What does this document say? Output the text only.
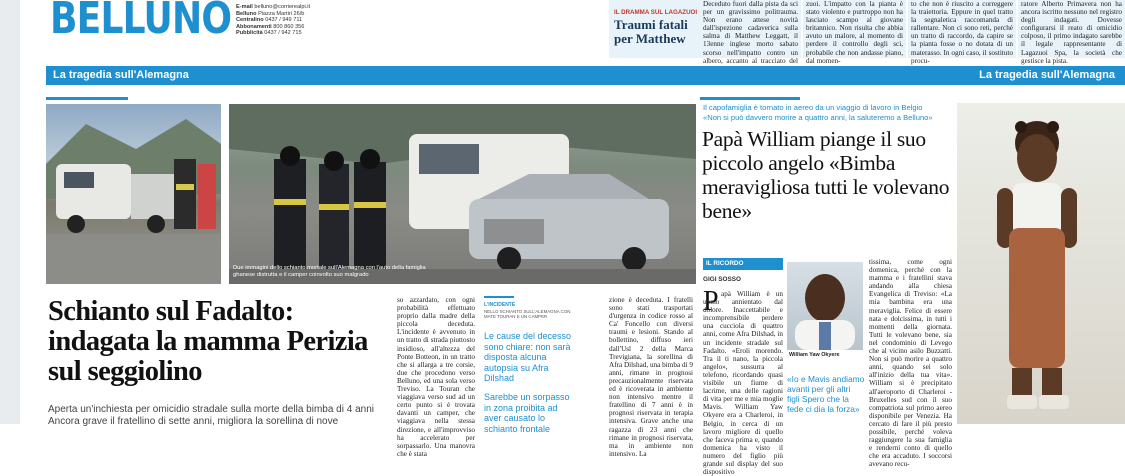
BELLUNO E-mail belluno@corrierealpi.it
Belluno Piazza Martiri 26/b
Centralino 0437 / 949 711
Abbonamenti 800 860 356
Pubblicità 0437 / 942 715
IL DRAMMA SUL LAGAZUOI
Traumi fatali per Matthew
Deceduto fuori dalla pista da sci per un gravissimo politrauma. Non erano attese novità dall'ispezione cadaverica sulla salma di Matthew Leggatt, il 13enne inglese morto sabato scorso nell'impatto contro un albero, accanto al tracciato del
zuoi. L'impatto con la pianta è stato violento e purtroppo non ha lasciato scampo al giovane britannico. Non risulta che abbia avuto un malore, al momento di perdere il controllo degli sci, probabile che non andasse piano, dal momen-
to che non è riuscito a correggere la traiettoria. Eppure in quel tratto la segnaletica raccomanda di rallentare. Non ci sono reti, perché un tratto di raccordo, da capire se la pianta fosse o no dotata di un materasso. In ogni caso, il sostituto procu-
ratore Alberto Primavera non ha ancora iscritto nessuno nel registro degli indagati. Dovesse configurarsi il reato di omicidio colposo, il primo indagato sarebbe il legale rappresentante di Lagazuoi Spa, la società che gestisce la pista.
La tragedia sull'Alemagna	La tragedia sull'Alemagna
Due immagini dello schianto mortale sull'Alemagna con l'auto della famiglia ghanese distrutta e il camper coinvolto suo malgrado
Schianto sul Fadalto: indagata la mamma Perizia sul seggiolino
Aperta un'inchiesta per omicidio stradale sulla morte della bimba di 4 anni Ancora grave il fratellino di sette anni, migliora la sorellina di nove
so azzardato, con ogni probabilità effettuato proprio dalla madre della piccola deceduta. L'incidente è avvenuto in un tratto di strada piuttosto insidioso, all'altezza del Ponte Botteon, in un tratto che si allarga a tre corsie, due che procedono verso Belluno, ed una sola verso Treviso. La Touran che viaggiava verso sud ad un certo punto si è trovata davanti un camper, che viaggiava nella stessa direzione, e all'improvviso ha accelerato per sorpassarlo. Una manovra che è stata
L'INCIDENTE
NELLO SCHIANTO SULL'ALEMAGNA CON MATE TOURAN E UN CAMPER
Le cause del decesso sono chiare: non sarà disposta alcuna autopsia su Afra Dilshad
Sarebbe un sorpasso in zona proibita ad aver causato lo schianto frontale
zione è deceduta. I fratelli sono stati trasportati d'urgenza in codice rosso al Ca' Foncello con diversi traumi e lesioni. Stando al bollettino, diffuso ieri dall'Usl 2 della Marca Trevigiana, la sorellina di Afra Dilshad, una bimba di 9 anni, rimane in prognosi precauzionalmente riservata ed è ricoverata in ambiente non intensivo mentre il fratellino di 7 anni è in prognosi riservata in terapia intensiva. Grave anche una ragazza di 23 anni che rimane in prognosi riservata, ma in ambiente non intensivo. La
Il capofamiglia è tornato in aereo da un viaggio di lavoro in Belgio
«Non si può davvero morire a quattro anni, la saluteremo a Belluno»
Papà William piange il suo piccolo angelo «Bimba meravigliosa tutti le volevano bene»
IL RICORDO
GIGI SOSSO
P apà William è un uomo annientato dal dolore. Inaccettabile e incomprensibile perdere una cucciola di quattro anni, come Afra Dilshad, in un incidente stradale sul Fadalto. «Eroli morendo. Tra il ti nano, la piccola angelo», sussurra al telefono, ricordando quasi visibile un fiume di lacrime, una delle ragioni di vita per me e mia moglie Mavis. William Yaw Okyere era a Charleroi, in Belgio, in cerca di un lavoro migliore di quello che faceva prima e, quando domenica ha visto il numero del figlio più grande sul display del suo dispositivo
William Yaw Okyere
«Io e Mavis andiamo avanti per gli altri figli Spero che la fede ci dia la forza»
tissima, come ogni domenica, perché con la mamma e i fratellini stava andando alla chiesa Evangelica di Treviso: «La mia bambina era una meraviglia. Felice di essere nata e dolcissima, in tutti i momenti della giornata. Tutti le volevano bene, sia nel condominio di Levego che al vicino asilo Buzzatti. Non si può morire a quattro anni, quando sei solo all'inizio della tua vita». William si è precipitato all'aeroporto di Charleroi - Bruxelles sud con il suo compatriota sul primo aereo disponibile per Venezia. Ha cercato di fare il più presto possibile, perché voleva raggiungere la sua famiglia e renderni conto di quello che era accaduto. I soccorsi avevano recu-
